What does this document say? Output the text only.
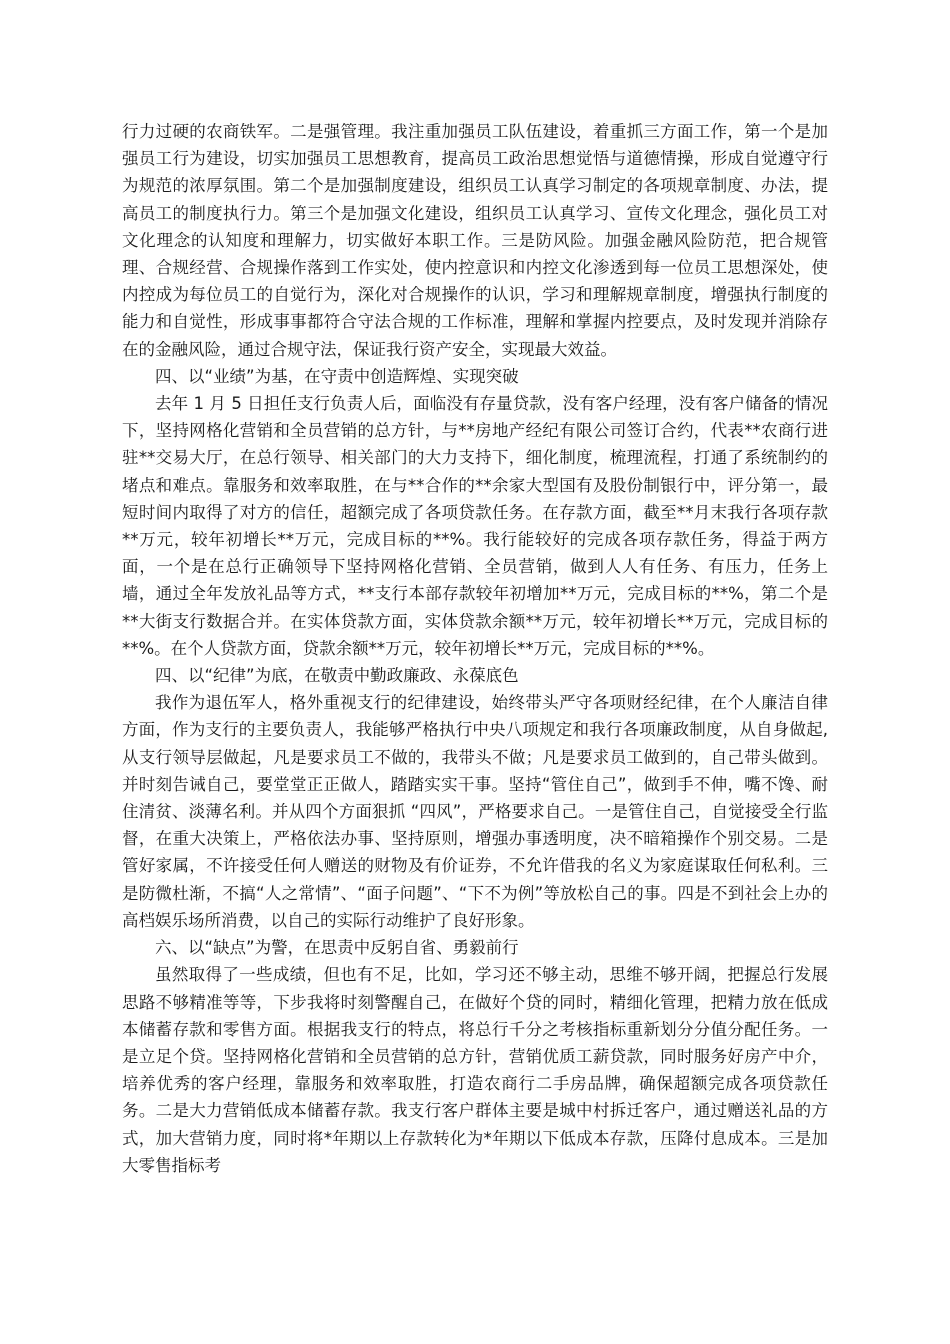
行力过硬的农商铁军。二是强管理。我注重加强员工队伍建设，着重抓三方面工作，第一个是加强员工行为建设，切实加强员工思想教育，提高员工政治思想觉悟与道德情操，形成自觉遵守行为规范的浓厚氛围。第二个是加强制度建设，组织员工认真学习制定的各项规章制度、办法，提高员工的制度执行力。第三个是加强文化建设，组织员工认真学习、宣传文化理念，强化员工对文化理念的认知度和理解力，切实做好本职工作。三是防风险。加强金融风险防范，把合规管理、合规经营、合规操作落到工作实处，使内控意识和内控文化渗透到每一位员工思想深处，使内控成为每位员工的自觉行为，深化对合规操作的认识，学习和理解规章制度，增强执行制度的能力和自觉性，形成事事都符合守法合规的工作标准，理解和掌握内控要点，及时发现并消除存在的金融风险，通过合规守法，保证我行资产安全，实现最大效益。

四、以“业绩”为基，在守责中创造辉煌、实现突破

去年 1 月 5 日担任支行负责人后，面临没有存量贷款，没有客户经理，没有客户储备的情况下，坚持网格化营销和全员营销的总方针，与**房地产经纪有限公司签订合约，代表**农商行进驻**交易大厅，在总行领导、相关部门的大力支持下，细化制度，梳理流程，打通了系统制约的堵点和难点。靠服务和效率取胜，在与**合作的**余家大型国有及股份制银行中，评分第一，最短时间内取得了对方的信任，超额完成了各项贷款任务。在存款方面，截至**月末我行各项存款**万元，较年初增长**万元，完成目标的**%。我行能较好的完成各项存款任务，得益于两方面，一个是在总行正确领导下坚持网格化营销、全员营销，做到人人有任务、有压力，任务上墙，通过全年发放礼品等方式，**支行本部存款较年初增加**万元，完成目标的**%，第二个是**大街支行数据合并。在实体贷款方面，实体贷款余额**万元，较年初增长**万元，完成目标的**%。在个人贷款方面，贷款余额**万元，较年初增长**万元，完成目标的**%。

四、以“纪律”为底，在敬责中勤政廉政、永葆底色

我作为退伍军人，格外重视支行的纪律建设，始终带头严守各项财经纪律，在个人廉洁自律方面，作为支行的主要负责人，我能够严格执行中央八项规定和我行各项廉政制度，从自身做起,从支行领导层做起，凡是要求员工不做的，我带头不做；凡是要求员工做到的，自己带头做到。并时刻告诫自己，要堂堂正正做人，踏踏实实干事。坚持“管住自己”，做到手不伸，嘴不馋、耐住清贫、淡薄名利。并从四个方面狠抓 “四风”，严格要求自己。一是管住自己，自觉接受全行监督，在重大决策上，严格依法办事、坚持原则，增强办事透明度，决不暗箱操作个别交易。二是管好家属，不许接受任何人赠送的财物及有价证券，不允许借我的名义为家庭谋取任何私利。三是防微杜渐，不搞“人之常情”、“面子问题”、“下不为例”等放松自己的事。四是不到社会上办的高档娱乐场所消费，以自己的实际行动维护了良好形象。

六、以“缺点”为警，在思责中反躬自省、勇毅前行

虽然取得了一些成绩，但也有不足，比如，学习还不够主动，思维不够开阔，把握总行发展思路不够精准等等，下步我将时刻警醒自己，在做好个贷的同时，精细化管理，把精力放在低成本储蓄存款和零售方面。根据我支行的特点，将总行千分之考核指标重新划分分值分配任务。一是立足个贷。坚持网格化营销和全员营销的总方针，营销优质工薪贷款，同时服务好房产中介，培养优秀的客户经理，靠服务和效率取胜，打造农商行二手房品牌，确保超额完成各项贷款任务。二是大力营销低成本储蓄存款。我支行客户群体主要是城中村拆迁客户，通过赠送礼品的方式，加大营销力度，同时将*年期以上存款转化为*年期以下低成本存款，压降付息成本。三是加大零售指标考
